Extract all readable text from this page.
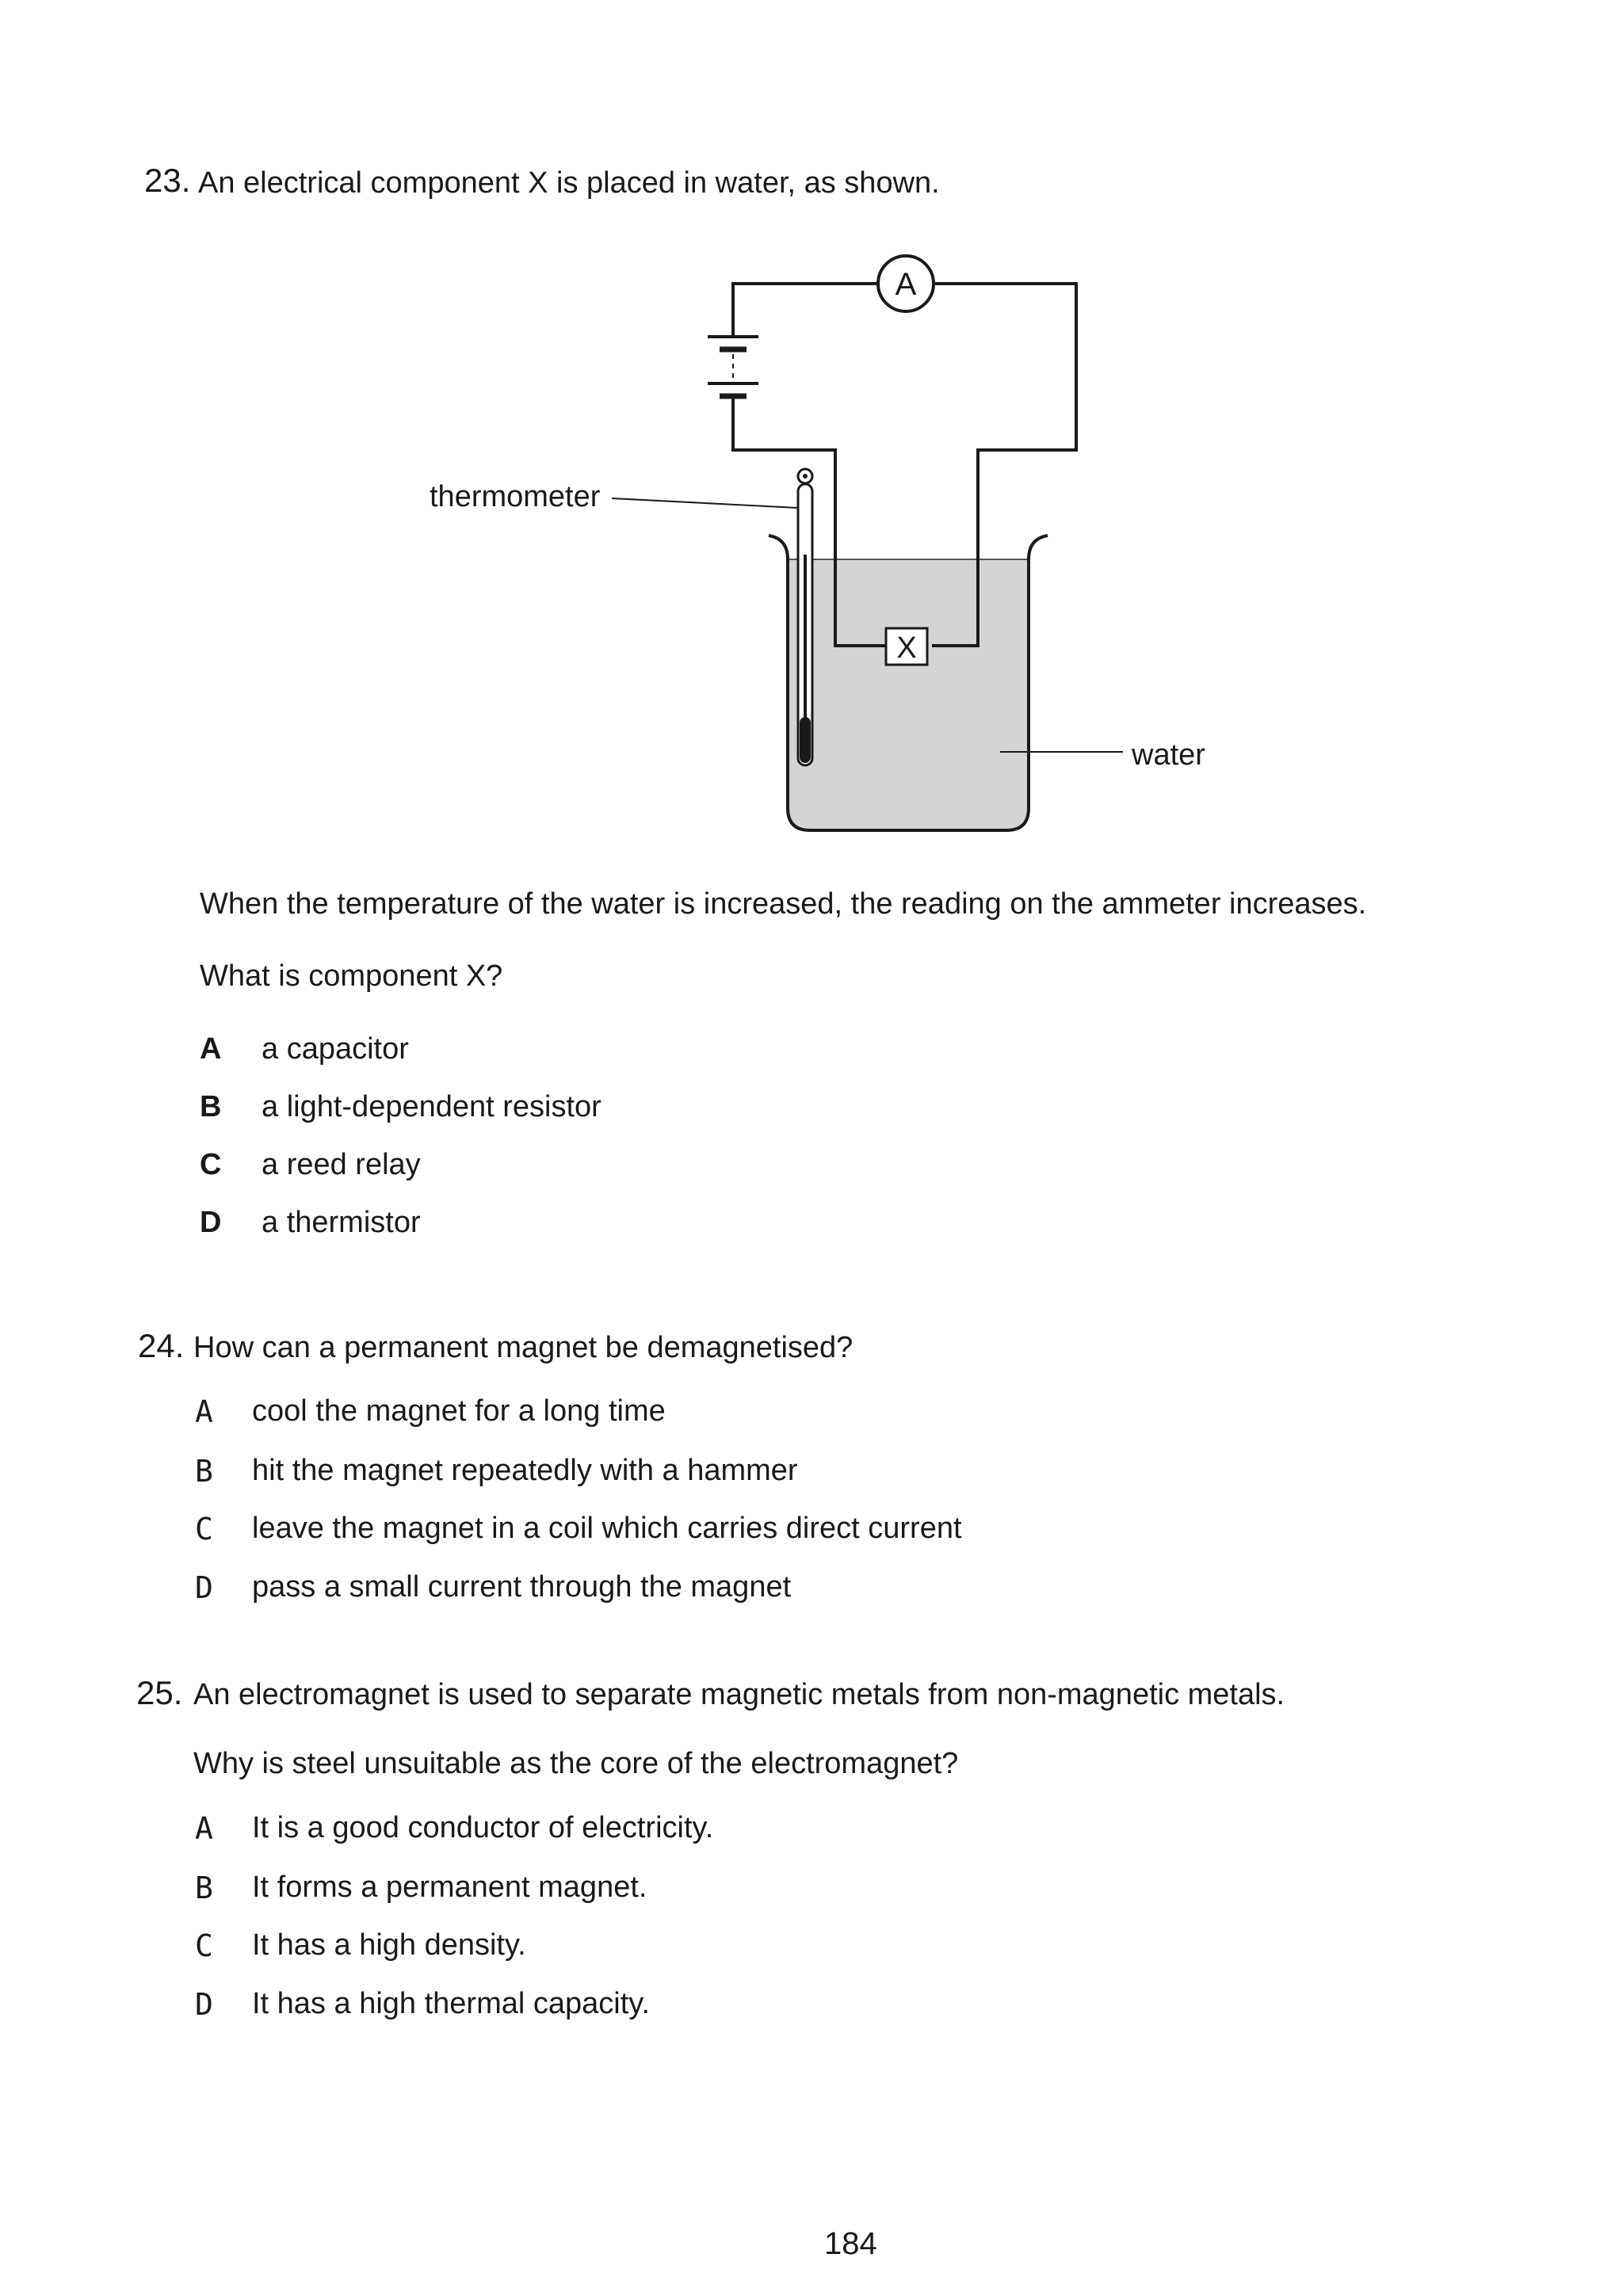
23. An electrical component X is placed in water, as shown.
A
X
thermometer
water
When the temperature of the water is increased, the reading on the ammeter increases.
What is component X?
A a capacitor
B a light-dependent resistor
C a reed relay
D a thermistor
24. How can a permanent magnet be demagnetised?
A cool the magnet for a long time
B hit the magnet repeatedly with a hammer
C leave the magnet in a coil which carries direct current
D pass a small current through the magnet
25. An electromagnet is used to separate magnetic metals from non-magnetic metals.
Why is steel unsuitable as the core of the electromagnet?
A It is a good conductor of electricity.
B It forms a permanent magnet.
C It has a high density.
D It has a high thermal capacity.
184
